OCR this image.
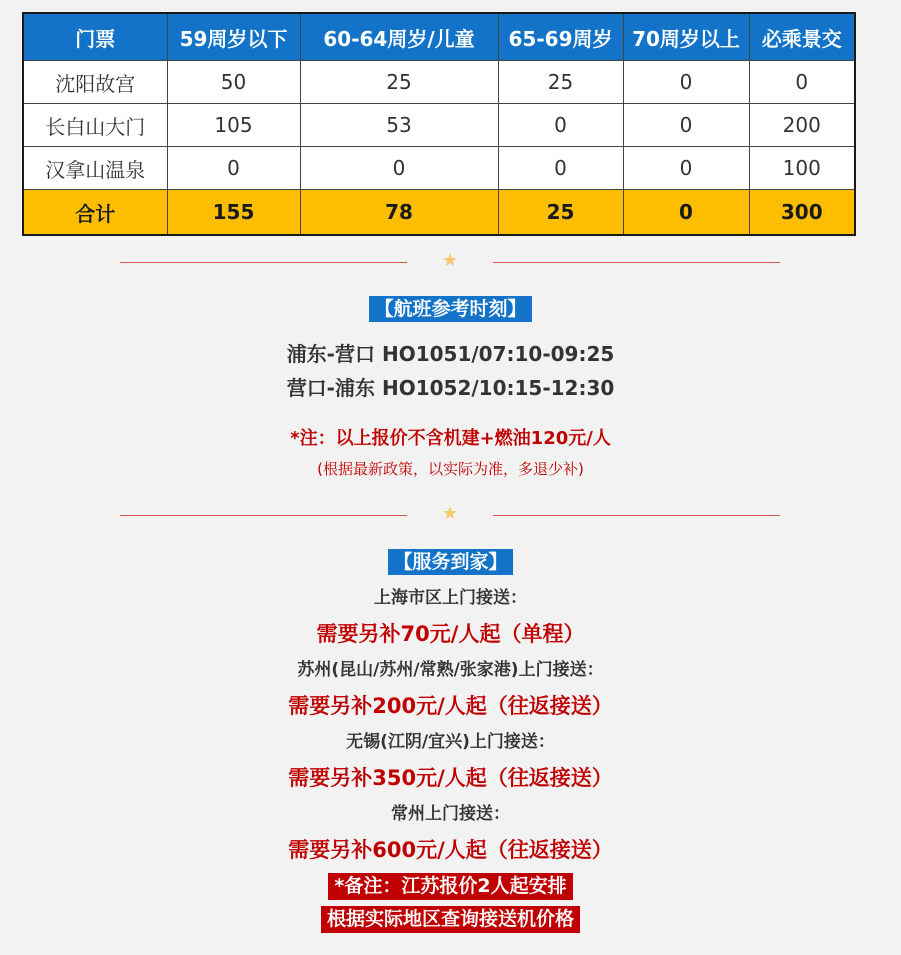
门票	59周岁以下	60-64周岁/儿童	65-69周岁	70周岁以上	必乘景交
沈阳故宫	50	25	25	0	0
长白山大门	105	53	0	0	200
汉拿山温泉	0	0	0	0	100
合计	155	78	25	0	300
★
【航班参考时刻】
浦东-营口 HO1051/07:10-09:25
营口-浦东 HO1052/10:15-12:30
*注：以上报价不含机建+燃油120元/人
(根据最新政策，以实际为准，多退少补)
★
【服务到家】
上海市区上门接送：
需要另补70元/人起（单程）
苏州(昆山/苏州/常熟/张家港)上门接送：
需要另补200元/人起（往返接送）
无锡(江阴/宜兴)上门接送：
需要另补350元/人起（往返接送）
常州上门接送：
需要另补600元/人起（往返接送）
*备注：江苏报价2人起安排
根据实际地区查询接送机价格
